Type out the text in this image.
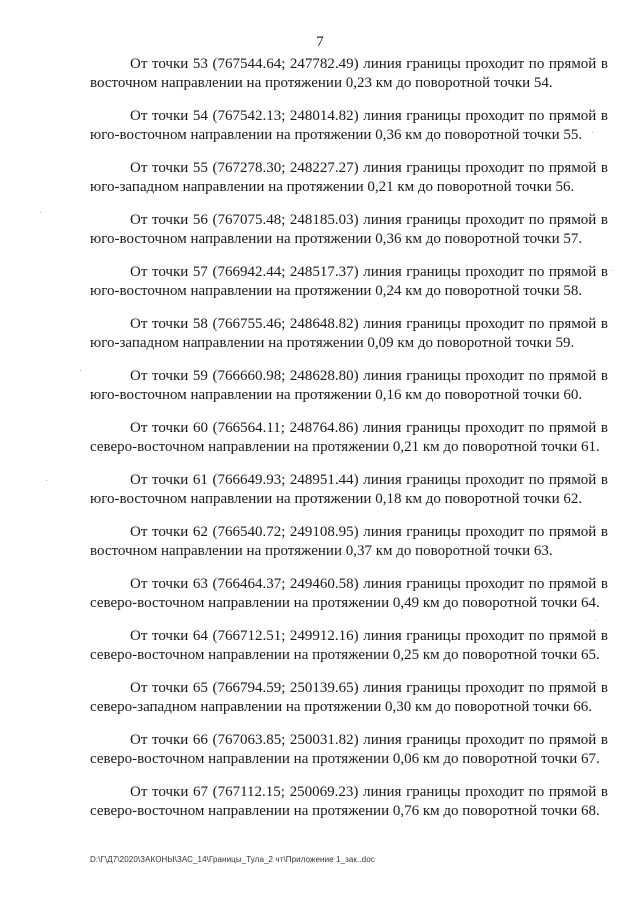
7

От точки 53 (767544.64; 247782.49) линия границы проходит по прямой в восточном направлении на протяжении 0,23 км до поворотной точки 54.

От точки 54 (767542.13; 248014.82) линия границы проходит по прямой в юго-восточном направлении на протяжении 0,36 км до поворотной точки 55.

От точки 55 (767278.30; 248227.27) линия границы проходит по прямой в юго-западном направлении на протяжении 0,21 км до поворотной точки 56.

От точки 56 (767075.48; 248185.03) линия границы проходит по прямой в юго-восточном направлении на протяжении 0,36 км до поворотной точки 57.

От точки 57 (766942.44; 248517.37) линия границы проходит по прямой в юго-восточном направлении на протяжении 0,24 км до поворотной точки 58.

От точки 58 (766755.46; 248648.82) линия границы проходит по прямой в юго-западном направлении на протяжении 0,09 км до поворотной точки 59.

От точки 59 (766660.98; 248628.80) линия границы проходит по прямой в юго-восточном направлении на протяжении 0,16 км до поворотной точки 60.

От точки 60 (766564.11; 248764.86) линия границы проходит по прямой в северо-восточном направлении на протяжении 0,21 км до поворотной точки 61.

От точки 61 (766649.93; 248951.44) линия границы проходит по прямой в юго-восточном направлении на протяжении 0,18 км до поворотной точки 62.

От точки 62 (766540.72; 249108.95) линия границы проходит по прямой в восточном направлении на протяжении 0,37 км до поворотной точки 63.

От точки 63 (766464.37; 249460.58) линия границы проходит по прямой в северо-восточном направлении на протяжении 0,49 км до поворотной точки 64.

От точки 64 (766712.51; 249912.16) линия границы проходит по прямой в северо-восточном направлении на протяжении 0,25 км до поворотной точки 65.

От точки 65 (766794.59; 250139.65) линия границы проходит по прямой в северо-западном направлении на протяжении 0,30 км до поворотной точки 66.

От точки 66 (767063.85; 250031.82) линия границы проходит по прямой в северо-восточном направлении на протяжении 0,06 км до поворотной точки 67.

От точки 67 (767112.15; 250069.23) линия границы проходит по прямой в северо-восточном направлении на протяжении 0,76 км до поворотной точки 68.

D:\Г\Д7\2020\ЗАКОНЫ\ЗАС_14\Границы_Тула_2 чт\Приложение 1_зак..doc
